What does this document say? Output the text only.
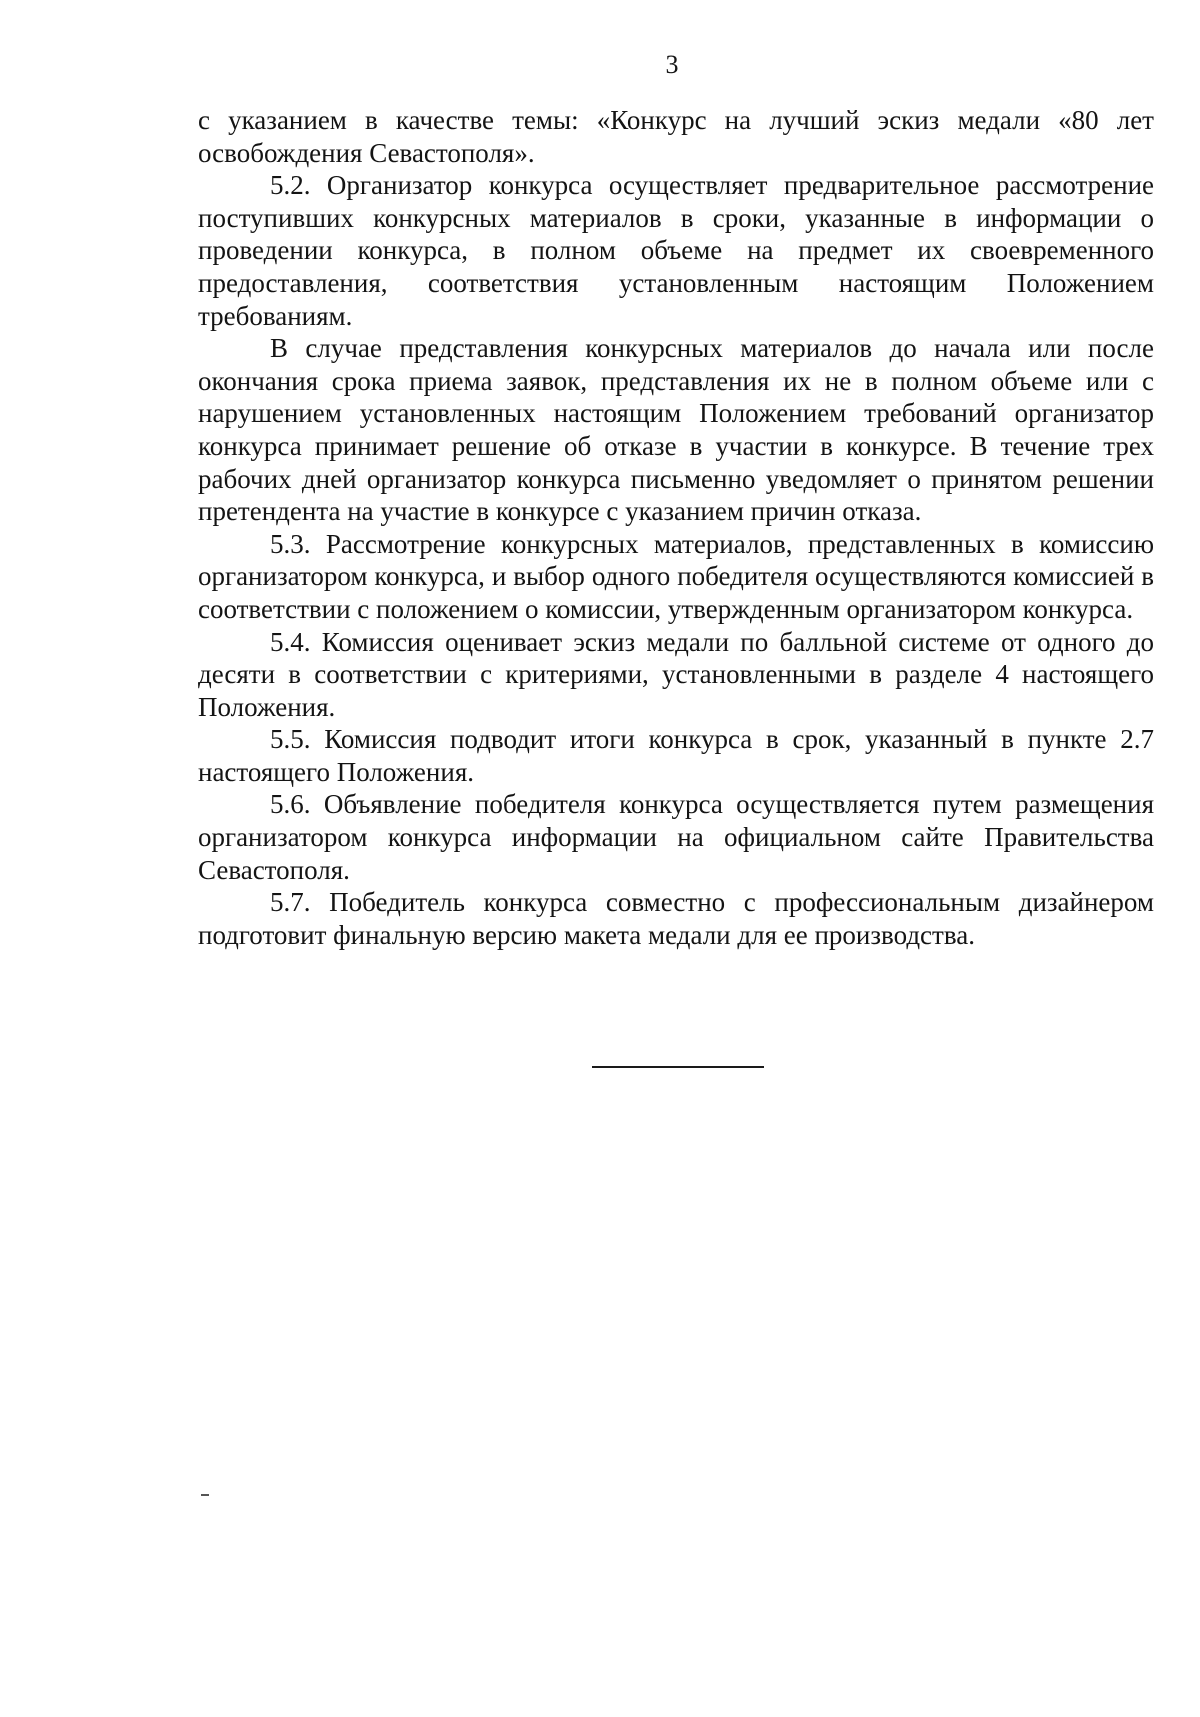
3

с указанием в качестве темы: «Конкурс на лучший эскиз медали «80 лет освобождения Севастополя».

5.2. Организатор конкурса осуществляет предварительное рассмотрение поступивших конкурсных материалов в сроки, указанные в информации о проведении конкурса, в полном объеме на предмет их своевременного предоставления, соответствия установленным настоящим Положением требованиям.

В случае представления конкурсных материалов до начала или после окончания срока приема заявок, представления их не в полном объеме или с нарушением установленных настоящим Положением требований организатор конкурса принимает решение об отказе в участии в конкурсе. В течение трех рабочих дней организатор конкурса письменно уведомляет о принятом решении претендента на участие в конкурсе с указанием причин отказа.

5.3. Рассмотрение конкурсных материалов, представленных в комиссию организатором конкурса, и выбор одного победителя осуществляются комиссией в соответствии с положением о комиссии, утвержденным организатором конкурса.

5.4. Комиссия оценивает эскиз медали по балльной системе от одного до десяти в соответствии с критериями, установленными в разделе 4 настоящего Положения.

5.5. Комиссия подводит итоги конкурса в срок, указанный в пункте 2.7 настоящего Положения.

5.6. Объявление победителя конкурса осуществляется путем размещения организатором конкурса информации на официальном сайте Правительства Севастополя.

5.7. Победитель конкурса совместно с профессиональным дизайнером подготовит финальную версию макета медали для ее производства.
